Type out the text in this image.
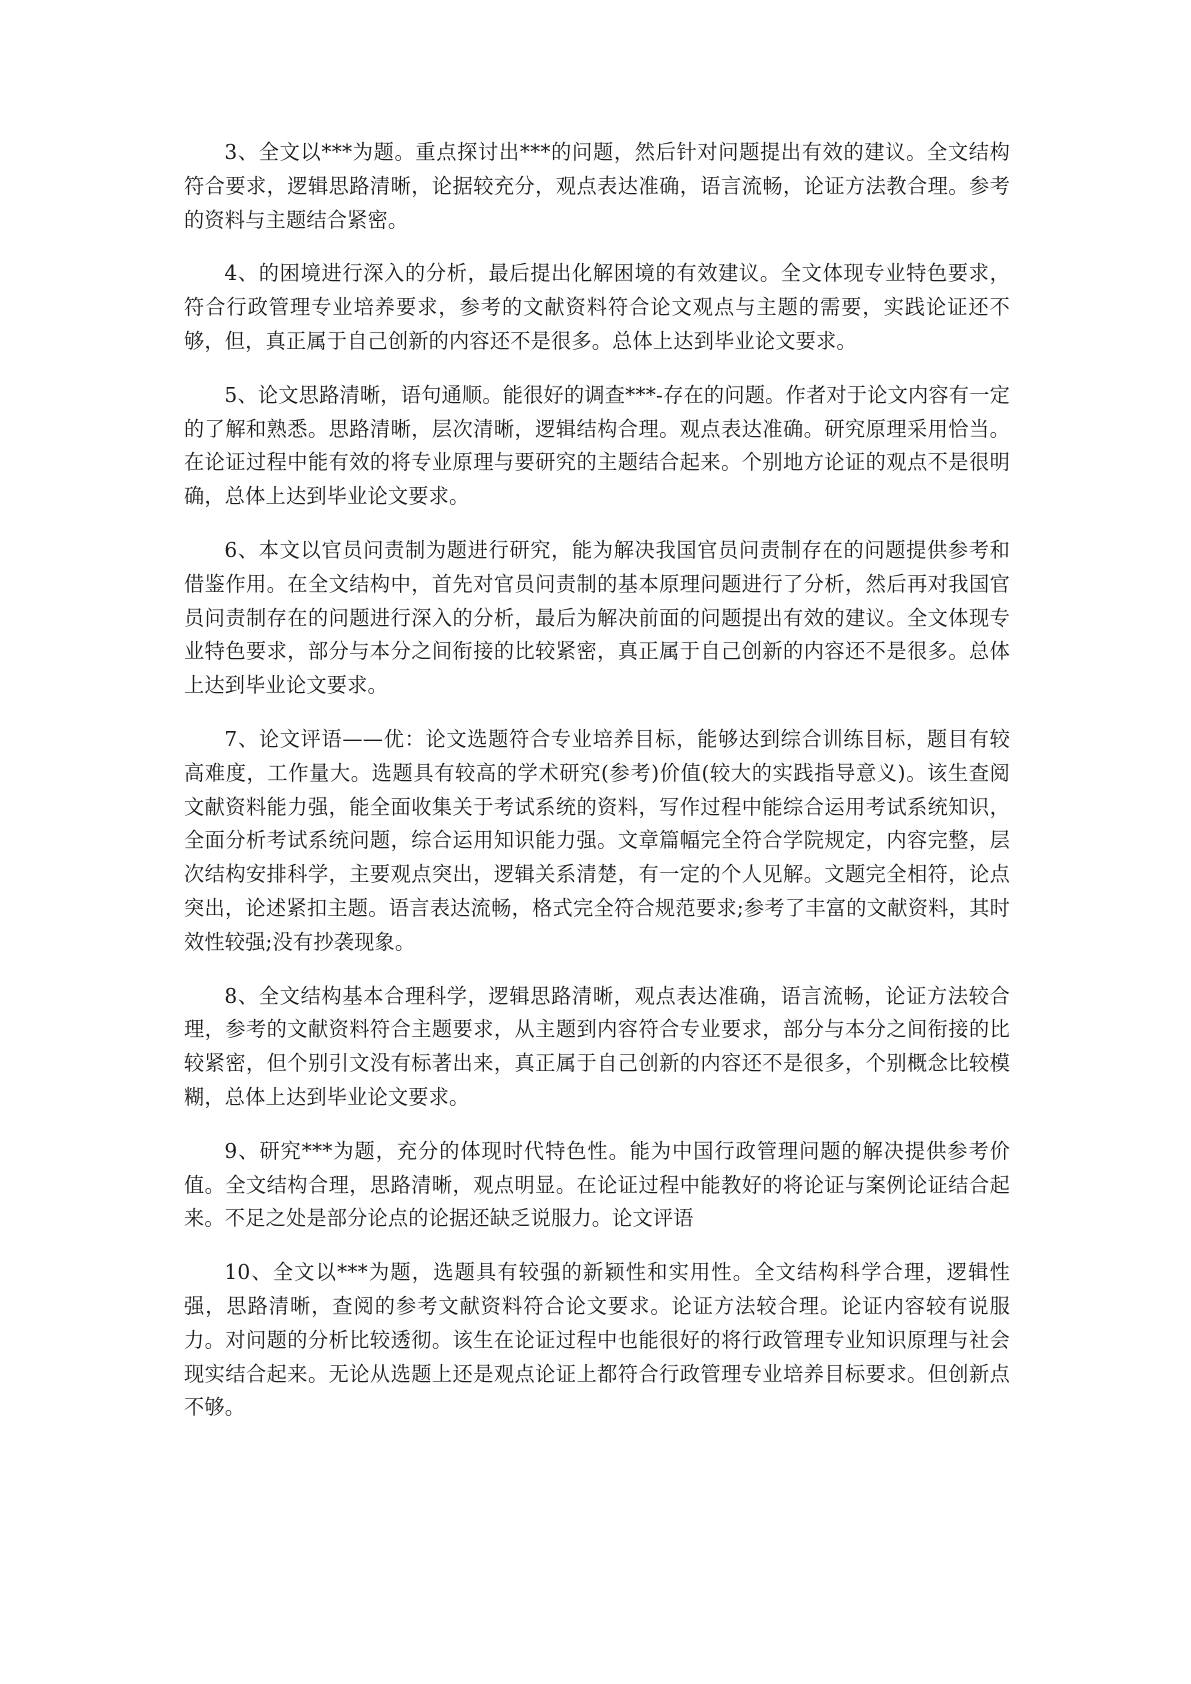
3、全文以***为题。重点探讨出***的问题，然后针对问题提出有效的建议。全文结构符合要求，逻辑思路清晰，论据较充分，观点表达准确，语言流畅，论证方法教合理。参考的资料与主题结合紧密。

4、的困境进行深入的分析，最后提出化解困境的有效建议。全文体现专业特色要求，符合行政管理专业培养要求，参考的文献资料符合论文观点与主题的需要，实践论证还不够，但，真正属于自己创新的内容还不是很多。总体上达到毕业论文要求。

5、论文思路清晰，语句通顺。能很好的调查***-存在的问题。作者对于论文内容有一定的了解和熟悉。思路清晰，层次清晰，逻辑结构合理。观点表达准确。研究原理采用恰当。在论证过程中能有效的将专业原理与要研究的主题结合起来。个别地方论证的观点不是很明确，总体上达到毕业论文要求。

6、本文以官员问责制为题进行研究，能为解决我国官员问责制存在的问题提供参考和借鉴作用。在全文结构中，首先对官员问责制的基本原理问题进行了分析，然后再对我国官员问责制存在的问题进行深入的分析，最后为解决前面的问题提出有效的建议。全文体现专业特色要求，部分与本分之间衔接的比较紧密，真正属于自己创新的内容还不是很多。总体上达到毕业论文要求。

7、论文评语——优：论文选题符合专业培养目标，能够达到综合训练目标，题目有较高难度，工作量大。选题具有较高的学术研究(参考)价值(较大的实践指导意义)。该生查阅文献资料能力强，能全面收集关于考试系统的资料，写作过程中能综合运用考试系统知识，全面分析考试系统问题，综合运用知识能力强。文章篇幅完全符合学院规定，内容完整，层次结构安排科学，主要观点突出，逻辑关系清楚，有一定的个人见解。文题完全相符，论点突出，论述紧扣主题。语言表达流畅，格式完全符合规范要求;参考了丰富的文献资料，其时效性较强;没有抄袭现象。

8、全文结构基本合理科学，逻辑思路清晰，观点表达准确，语言流畅，论证方法较合理，参考的文献资料符合主题要求，从主题到内容符合专业要求，部分与本分之间衔接的比较紧密，但个别引文没有标著出来，真正属于自己创新的内容还不是很多，个别概念比较模糊，总体上达到毕业论文要求。

9、研究***为题，充分的体现时代特色性。能为中国行政管理问题的解决提供参考价值。全文结构合理，思路清晰，观点明显。在论证过程中能教好的将论证与案例论证结合起来。不足之处是部分论点的论据还缺乏说服力。论文评语

10、全文以***为题，选题具有较强的新颖性和实用性。全文结构科学合理，逻辑性强，思路清晰，查阅的参考文献资料符合论文要求。论证方法较合理。论证内容较有说服力。对问题的分析比较透彻。该生在论证过程中也能很好的将行政管理专业知识原理与社会现实结合起来。无论从选题上还是观点论证上都符合行政管理专业培养目标要求。但创新点不够。
